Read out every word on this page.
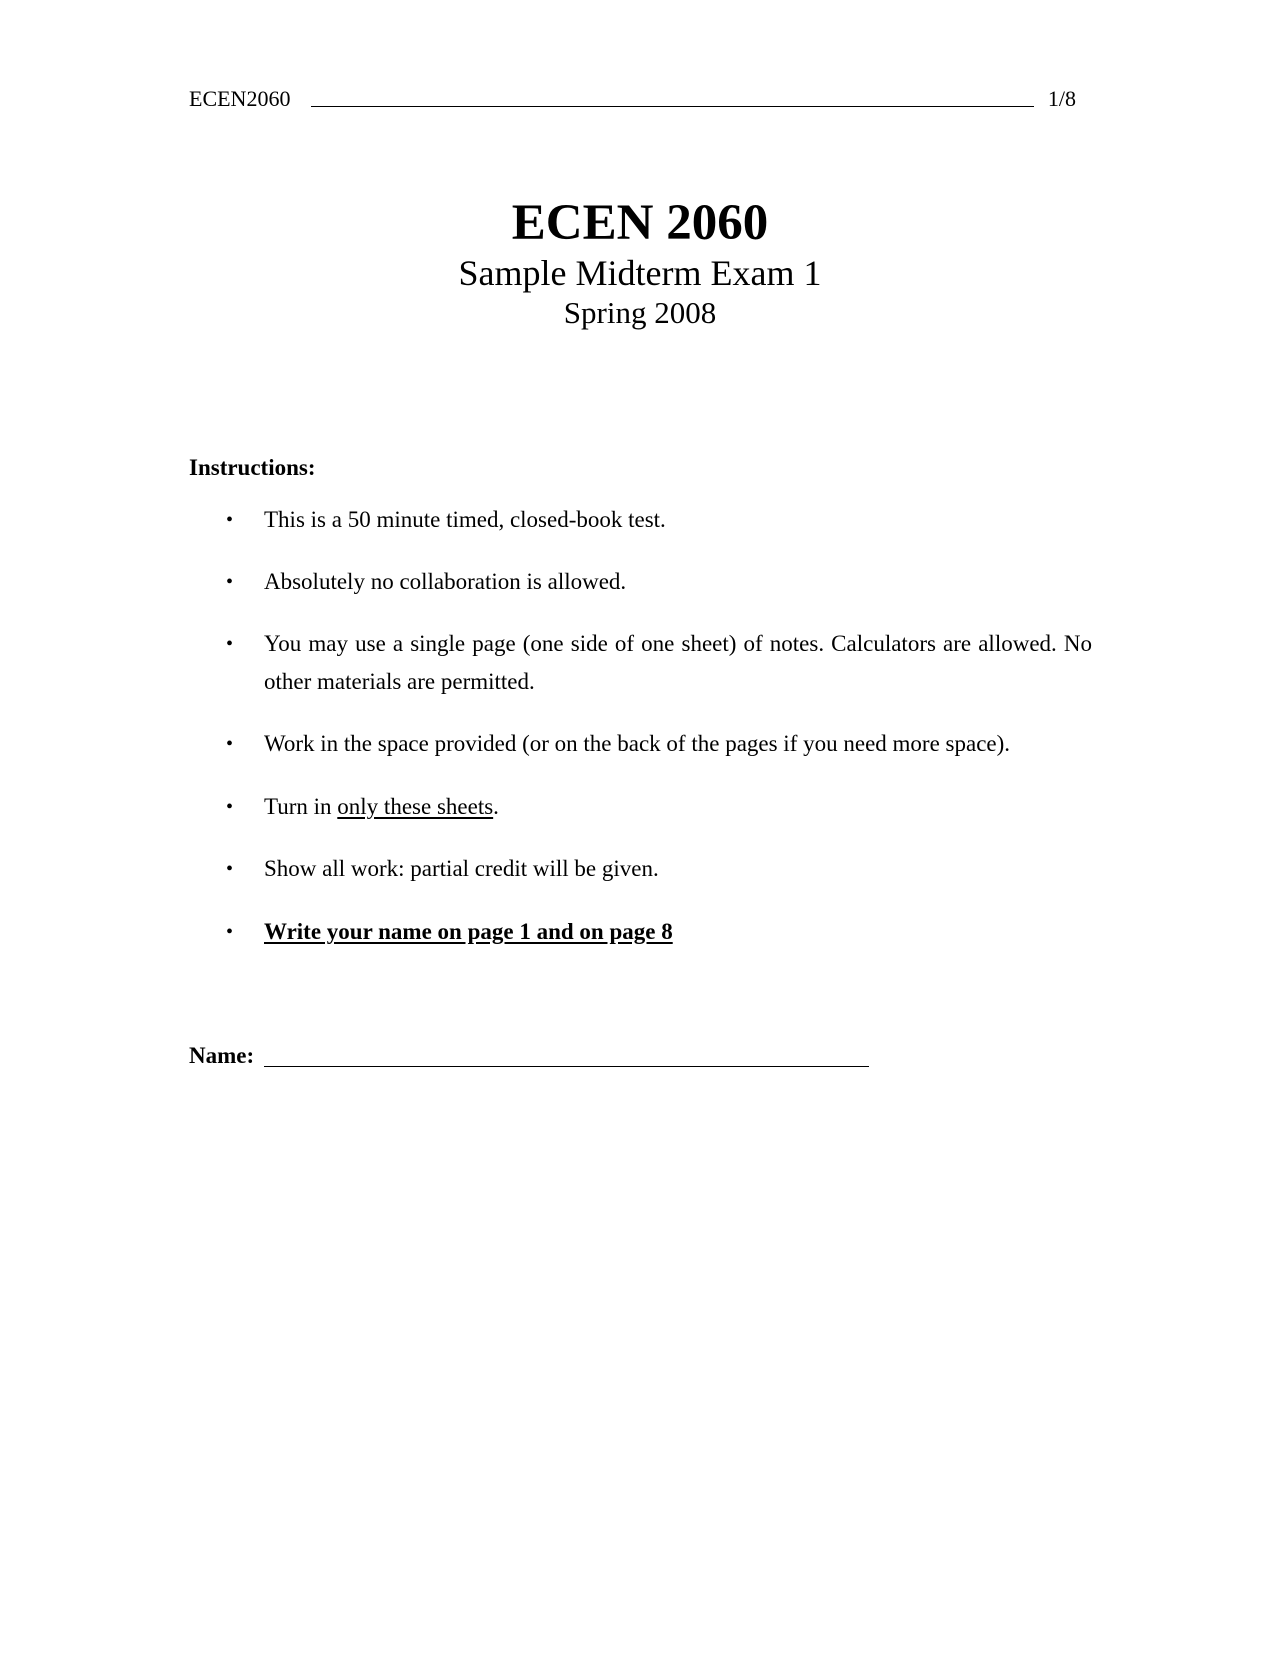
ECEN2060	1/8
ECEN 2060
Sample Midterm Exam 1
Spring 2008
Instructions:
• This is a 50 minute timed, closed-book test.
• Absolutely no collaboration is allowed.
• You may use a single page (one side of one sheet) of notes. Calculators are allowed. No other materials are permitted.
• Work in the space provided (or on the back of the pages if you need more space).
• Turn in only these sheets.
• Show all work: partial credit will be given.
• Write your name on page 1 and on page 8
Name:
